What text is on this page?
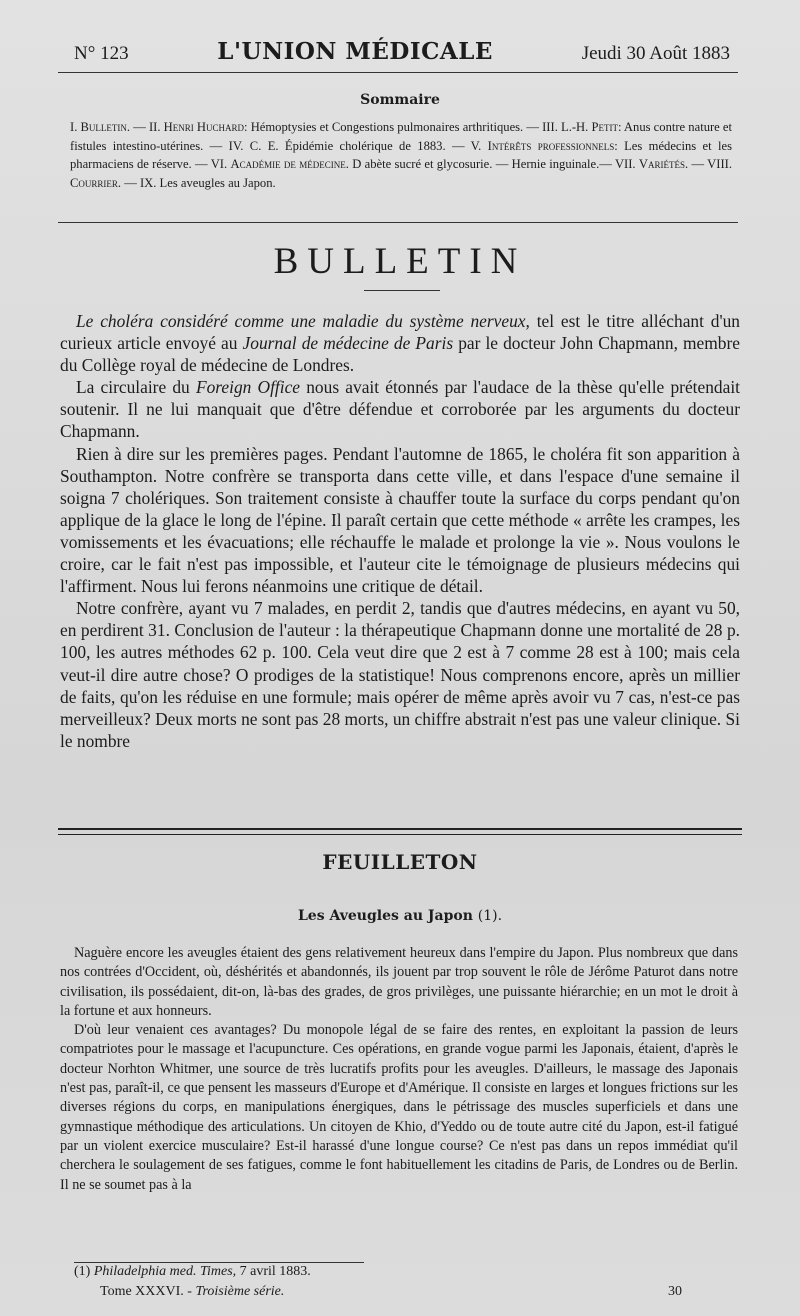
N° 123	L'UNION MÉDICALE	Jeudi 30 Août 1883
Sommaire
I. Bulletin. — II. Henri Huchard: Hémoptysies et Congestions pulmonaires arthritiques. — III. L.-H. Petit: Anus contre nature et fistules intestino-utérines. — IV. C. E. Épidémie cholérique de 1883. — V. Intérêts professionnels: Les médecins et les pharmaciens de réserve. — VI. Académie de médecine. D abète sucré et glycosurie. — Hernie inguinale.— VII. Variétés. — VIII. Courrier. — IX. Les aveugles au Japon.
BULLETIN

Le choléra considéré comme une maladie du système nerveux, tel est le titre alléchant d'un curieux article envoyé au Journal de médecine de Paris par le docteur John Chapmann, membre du Collège royal de médecine de Londres.

La circulaire du Foreign Office nous avait étonnés par l'audace de la thèse qu'elle prétendait soutenir. Il ne lui manquait que d'être défendue et corroborée par les arguments du docteur Chapmann.

Rien à dire sur les premières pages. Pendant l'automne de 1865, le choléra fit son apparition à Southampton. Notre confrère se transporta dans cette ville, et dans l'espace d'une semaine il soigna 7 cholériques. Son traitement consiste à chauffer toute la surface du corps pendant qu'on applique de la glace le long de l'épine. Il paraît certain que cette méthode « arrête les crampes, les vomissements et les évacuations; elle réchauffe le malade et prolonge la vie ». Nous voulons le croire, car le fait n'est pas impossible, et l'auteur cite le témoignage de plusieurs médecins qui l'affirment. Nous lui ferons néanmoins une critique de détail.

Notre confrère, ayant vu 7 malades, en perdit 2, tandis que d'autres médecins, en ayant vu 50, en perdirent 31. Conclusion de l'auteur : la thérapeutique Chapmann donne une mortalité de 28 p. 100, les autres méthodes 62 p. 100. Cela veut dire que 2 est à 7 comme 28 est à 100; mais cela veut-il dire autre chose? O prodiges de la statistique! Nous comprenons encore, après un millier de faits, qu'on les réduise en une formule; mais opérer de même après avoir vu 7 cas, n'est-ce pas merveilleux? Deux morts ne sont pas 28 morts, un chiffre abstrait n'est pas une valeur clinique. Si le nombre

FEUILLETON
Les Aveugles au Japon (1).

Naguère encore les aveugles étaient des gens relativement heureux dans l'empire du Japon. Plus nombreux que dans nos contrées d'Occident, où, déshérités et abandonnés, ils jouent par trop souvent le rôle de Jérôme Paturot dans notre civilisation, ils possédaient, dit-on, là-bas des grades, de gros privilèges, une puissante hiérarchie; en un mot le droit à la fortune et aux honneurs.

D'où leur venaient ces avantages? Du monopole légal de se faire des rentes, en exploitant la passion de leurs compatriotes pour le massage et l'acupuncture. Ces opérations, en grande vogue parmi les Japonais, étaient, d'après le docteur Norhton Whitmer, une source de très lucratifs profits pour les aveugles. D'ailleurs, le massage des Japonais n'est pas, paraît-il, ce que pensent les masseurs d'Europe et d'Amérique. Il consiste en larges et longues frictions sur les diverses régions du corps, en manipulations énergiques, dans le pétrissage des muscles superficiels et dans une gymnastique méthodique des articulations. Un citoyen de Khio, d'Yeddo ou de toute autre cité du Japon, est-il fatigué par un violent exercice musculaire? Est-il harassé d'une longue course? Ce n'est pas dans un repos immédiat qu'il cherchera le soulagement de ses fatigues, comme le font habituellement les citadins de Paris, de Londres ou de Berlin. Il ne se soumet pas à la

(1) Philadelphia med. Times, 7 avril 1883.
Tome XXXVI. - Troisième série.	30
